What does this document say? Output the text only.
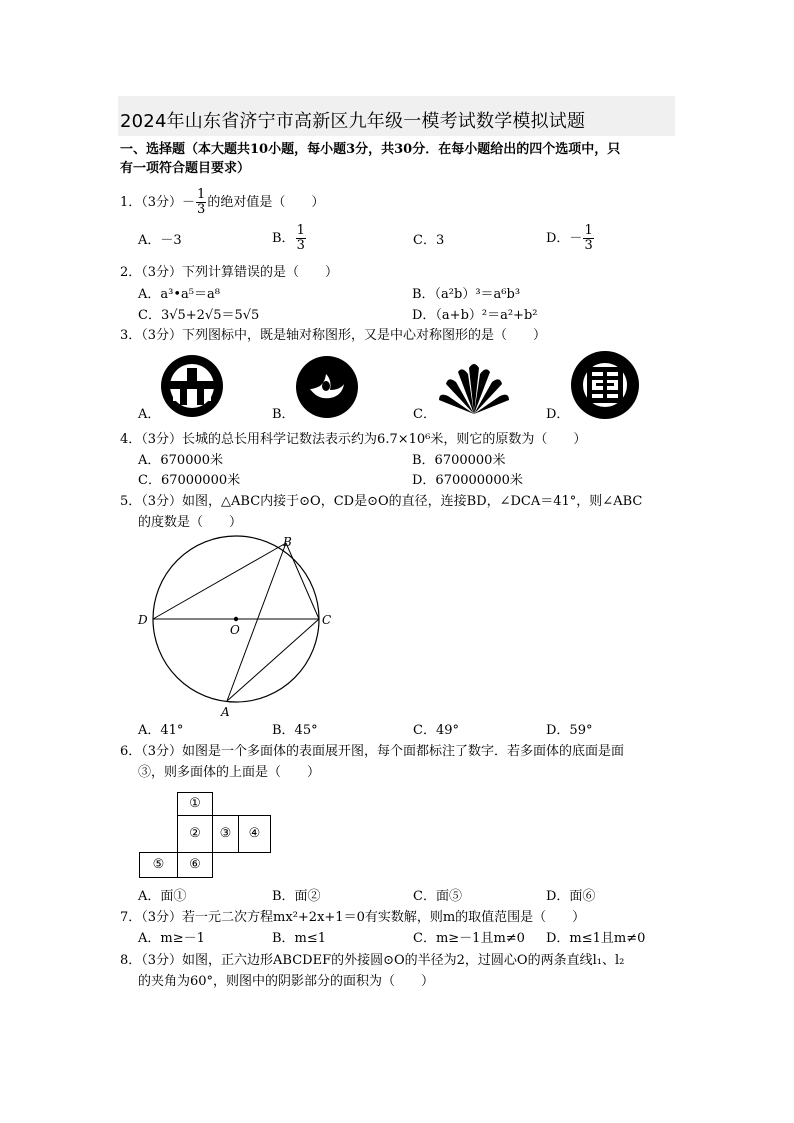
2024年山东省济宁市高新区九年级一模考试数学模拟试题
一、选择题（本大题共10小题，每小题3分，共30分．在每小题给出的四个选项中，只
有一项符合题目要求）
1．（3分）－ $\frac{1}{3}$ 的绝对值是（　　）
A．－3	B． $\frac{1}{3}$	C．3	D．－ $\frac{1}{3}$
2．（3分）下列计算错误的是（　　）
A．a³•a⁵＝a⁸	B．（a²b）³＝a⁶b³
C．3√5+2√5＝5√5	D．（a+b）²＝a²+b²
3．（3分）下列图标中，既是轴对称图形，又是中心对称图形的是（　　）
A．	B．	C．	D．
4．（3分）长城的总长用科学记数法表示约为6.7×10⁶米，则它的原数为（　　）
A．670000米	B．6700000米
C．67000000米	D．670000000米
5．（3分）如图，△ABC内接于⊙O，CD是⊙O的直径，连接BD，∠DCA＝41°，则∠ABC
的度数是（　　）
B
D
O
C
A
A．41°	B．45°	C．49°	D．59°
6．（3分）如图是一个多面体的表面展开图，每个面都标注了数字．若多面体的底面是面
③，则多面体的上面是（　　）
①
②	③	④
⑤	⑥
A．面①	B．面②	C．面⑤	D．面⑥
7．（3分）若一元二次方程mx²+2x+1＝0有实数解，则m的取值范围是（　　）
A．m≥－1	B．m≤1	C．m≥－1且m≠0 D．m≤1且m≠0
8．（3分）如图，正六边形ABCDEF的外接圆⊙O的半径为2，过圆心O的两条直线l₁、l₂
的夹角为60°，则图中的阴影部分的面积为（　　）
